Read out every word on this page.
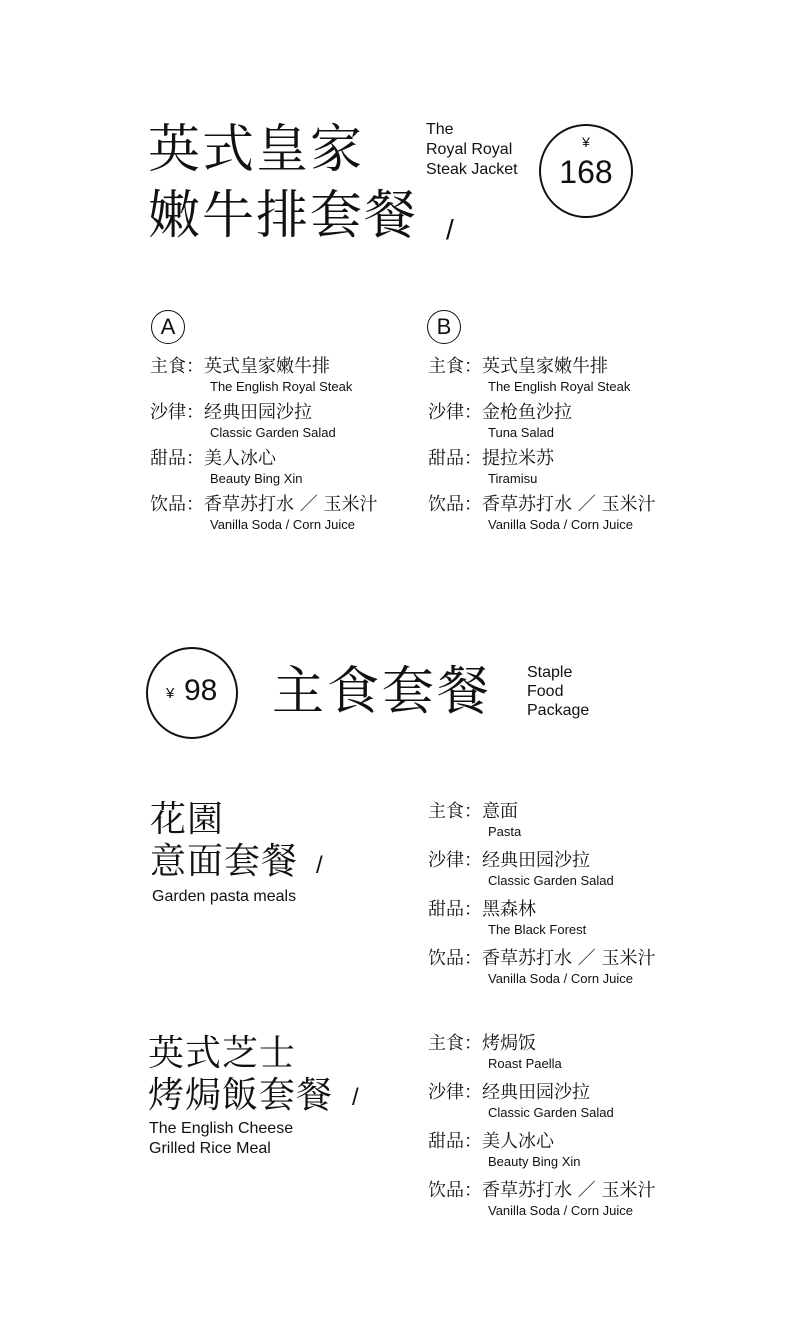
英式皇家
嫩牛排套餐 /
The
Royal Royal
Steak Jacket
¥
168
A
主食： 英式皇家嫩牛排
The English Royal Steak
沙律： 经典田园沙拉
Classic Garden Salad
甜品： 美人冰心
Beauty Bing Xin
饮品： 香草苏打水 ／ 玉米汁
Vanilla Soda / Corn Juice
B
主食： 英式皇家嫩牛排
The English Royal Steak
沙律： 金枪鱼沙拉
Tuna Salad
甜品： 提拉米苏
Tiramisu
饮品： 香草苏打水 ／ 玉米汁
Vanilla Soda / Corn Juice
¥ 98 主食套餐 Staple
Food
Package
花園
意面套餐 /
Garden pasta meals
主食： 意面
Pasta
沙律： 经典田园沙拉
Classic Garden Salad
甜品： 黑森林
The Black Forest
饮品： 香草苏打水 ／ 玉米汁
Vanilla Soda / Corn Juice
英式芝士
烤焗飯套餐 /
The English Cheese
Grilled Rice Meal
主食： 烤焗饭
Roast Paella
沙律： 经典田园沙拉
Classic Garden Salad
甜品： 美人冰心
Beauty Bing Xin
饮品： 香草苏打水 ／ 玉米汁
Vanilla Soda / Corn Juice
